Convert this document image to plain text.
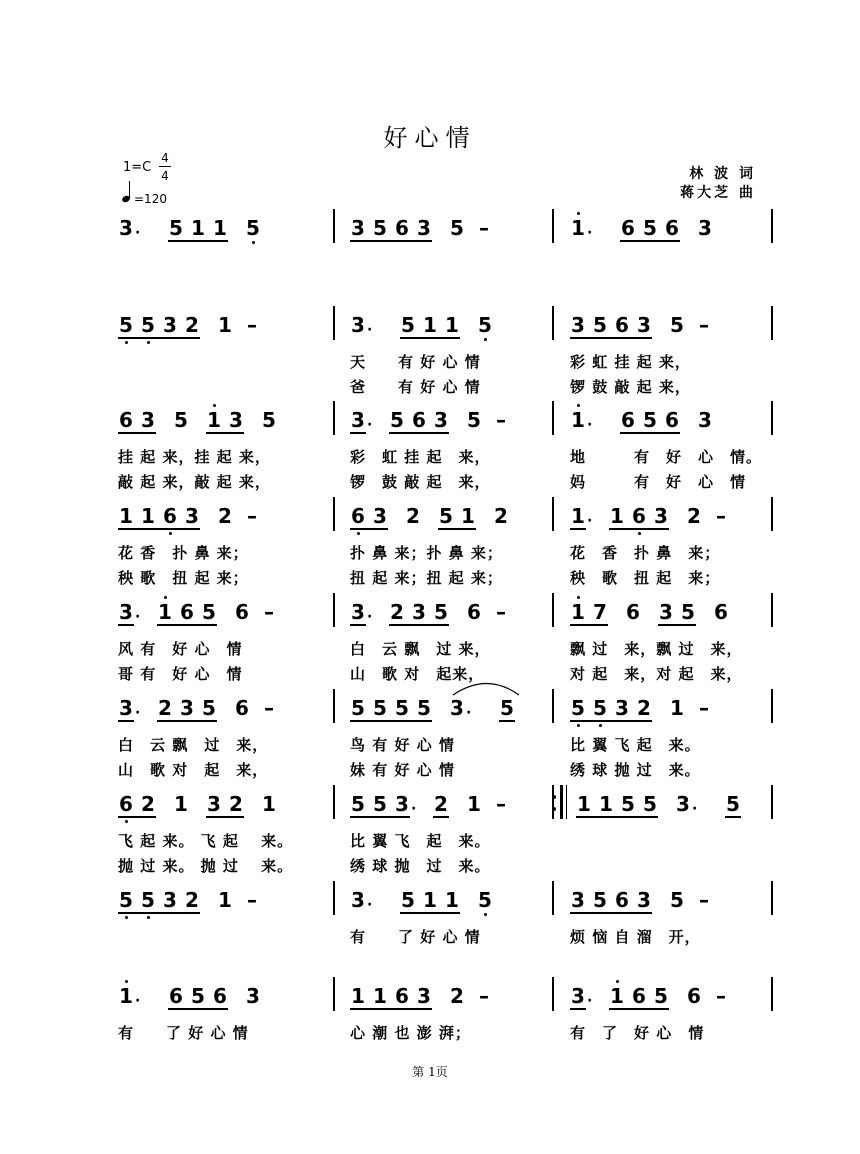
好心情
1=C
4
4
=120
林 波 词
蒋大芝 曲
3 · 5 1 1 5	3 5 6 3 5 –	1 · 6 5 6 3
5 5 3 2 1 –	3 · 5 1 1 5
天　　有 好 心 情
爸　　有 好 心 情
3 5 6 3 5 –
彩 虹 挂 起 来，
锣 鼓 敲 起 来，
6 3 5 1 3 5
挂 起 来，挂 起 来，
敲 起 来，敲 起 来，
3 · 5 6 3 5 –
彩　虹 挂 起　来，
锣　鼓 敲 起　来，
1 · 6 5 6 3
地　　　有　好　心　情。
妈　　　有　好　心　情
1 1 6 3 2 –
花 香　扑 鼻 来；
秧 歌　扭 起 来；
6 3 2 5 1 2
扑 鼻 来；扑 鼻 来；
扭 起 来；扭 起 来；
1 · 1 6 3 2 –
花　香　扑 鼻　来；
秧　歌　扭 起　来；
3 · 1 6 5 6 –
风 有　好 心　情
哥 有　好 心　情
3 · 2 3 5 6 –
白　云 飘　过 来，
山　歌 对　起来，
1 7 6 3 5 6
飘 过　来，飘 过　来，
对 起　来，对 起　来，
3 · 2 3 5 6 –
白　云 飘　过　来，
山　歌 对　起　来，
5 5 5 5 3 · 5
鸟 有 好 心 情
妹 有 好 心 情
5 5 3 2 1 –
比 翼 飞 起　来。
绣 球 抛 过　来。
6 2 1 3 2 1
飞 起 来。 飞 起　 来。
抛 过 来。 抛 过　 来。
5 5 3 · 2 1 –
比 翼 飞　起　来。
绣 球 抛　过　来。
1 1 5 5 3 · 5
5 5 3 2 1 –	3 · 5 1 1 5
有　　了 好 心 情
3 5 6 3 5 –
烦 恼 自 溜　开，
1 · 6 5 6 3
有　　了 好 心 情
1 1 6 3 2 –
心 潮 也 澎 湃；
3 · 1 6 5 6 –
有　了　好 心　情
第 1页
